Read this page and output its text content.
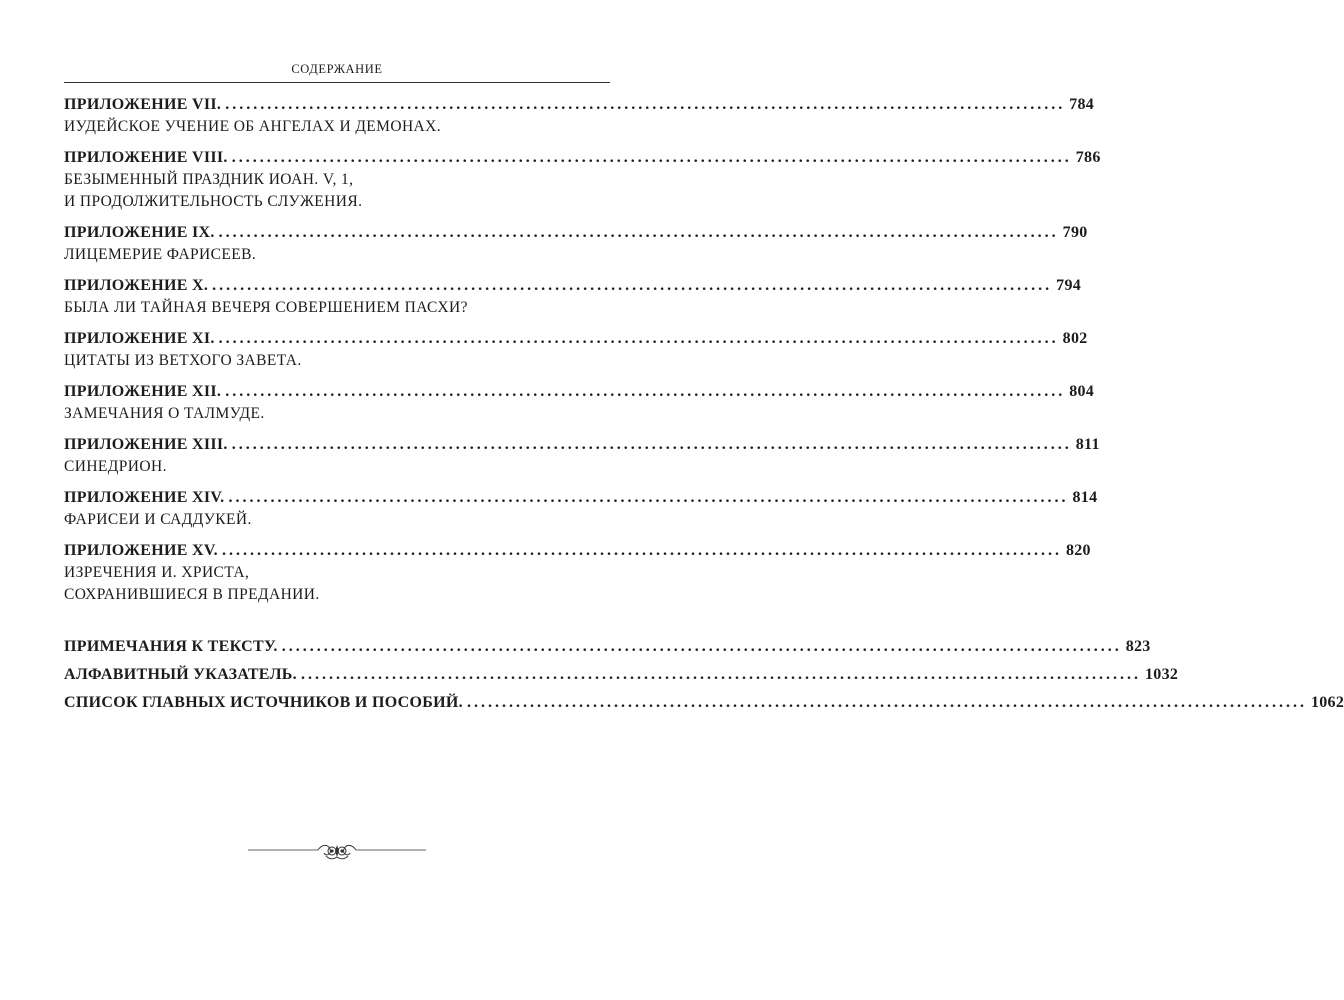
СОДЕРЖАНИЕ
ПРИЛОЖЕНИЕ VII. ........................................................................................................................ 784
ИУДЕЙСКОЕ УЧЕНИЕ ОБ АНГЕЛАХ И ДЕМОНАХ.
ПРИЛОЖЕНИЕ VIII. ........................................................................................................................ 786
БЕЗЫМЕННЫЙ ПРАЗДНИК ИОАН. V, 1,
И ПРОДОЛЖИТЕЛЬНОСТЬ СЛУЖЕНИЯ.
ПРИЛОЖЕНИЕ IX. ........................................................................................................................ 790
ЛИЦЕМЕРИЕ ФАРИСЕЕВ.
ПРИЛОЖЕНИЕ X. ........................................................................................................................ 794
БЫЛА ЛИ ТАЙНАЯ ВЕЧЕРЯ СОВЕРШЕНИЕМ ПАСХИ?
ПРИЛОЖЕНИЕ XI. ........................................................................................................................ 802
ЦИТАТЫ ИЗ ВЕТХОГО ЗАВЕТА.
ПРИЛОЖЕНИЕ XII. ........................................................................................................................ 804
ЗАМЕЧАНИЯ О ТАЛМУДЕ.
ПРИЛОЖЕНИЕ XIII. ........................................................................................................................ 811
СИНЕДРИОН.
ПРИЛОЖЕНИЕ XIV. ........................................................................................................................ 814
ФАРИСЕИ И САДДУКЕЙ.
ПРИЛОЖЕНИЕ XV. ........................................................................................................................ 820
ИЗРЕЧЕНИЯ И. ХРИСТА,
СОХРАНИВШИЕСЯ В ПРЕДАНИИ.
ПРИМЕЧАНИЯ К ТЕКСТУ. ........................................................................................................................ 823
АЛФАВИТНЫЙ УКАЗАТЕЛЬ. ........................................................................................................................ 1032
СПИСОК ГЛАВНЫХ ИСТОЧНИКОВ И ПОСОБИЙ. ........................................................................................................................ 1062
